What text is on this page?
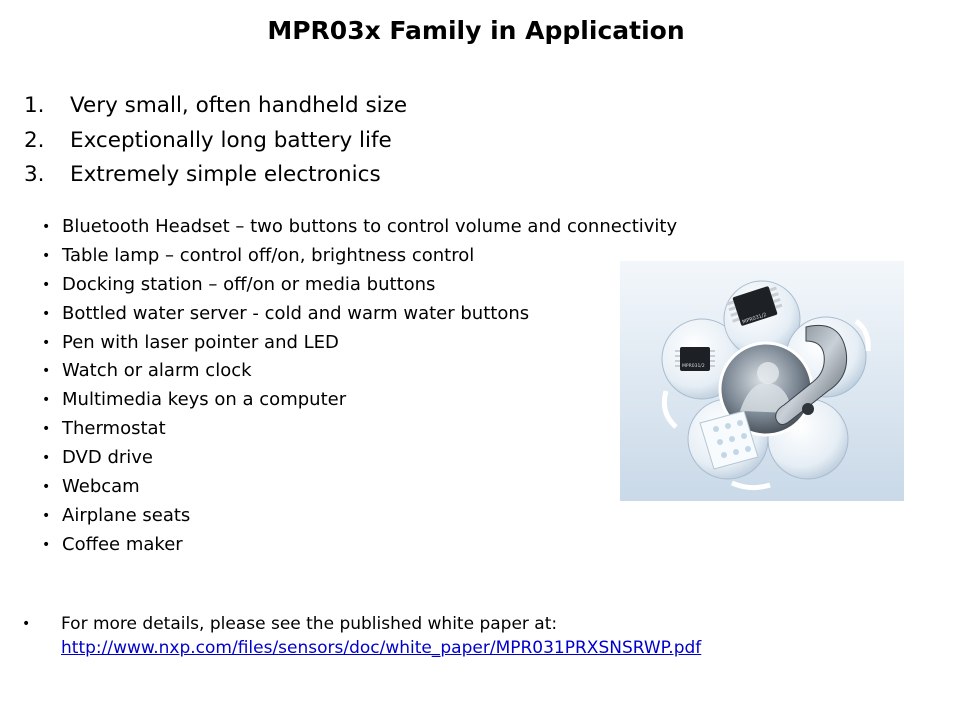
MPR03x Family in Application
1. Very small, often handheld size
2. Exceptionally long battery life
3. Extremely simple electronics
• Bluetooth Headset – two buttons to control volume and connectivity
• Table lamp – control off/on, brightness control
• Docking station – off/on or media buttons
• Bottled water server - cold and warm water buttons
• Pen with laser pointer and LED
• Watch or alarm clock
• Multimedia keys on a computer
• Thermostat
• DVD drive
• Webcam
• Airplane seats
• Coffee maker
MPR031/2
MPR031/2
• For more details, please see the published white paper at:
http://www.nxp.com/files/sensors/doc/white_paper/MPR031PRXSNSRWP.pdf
